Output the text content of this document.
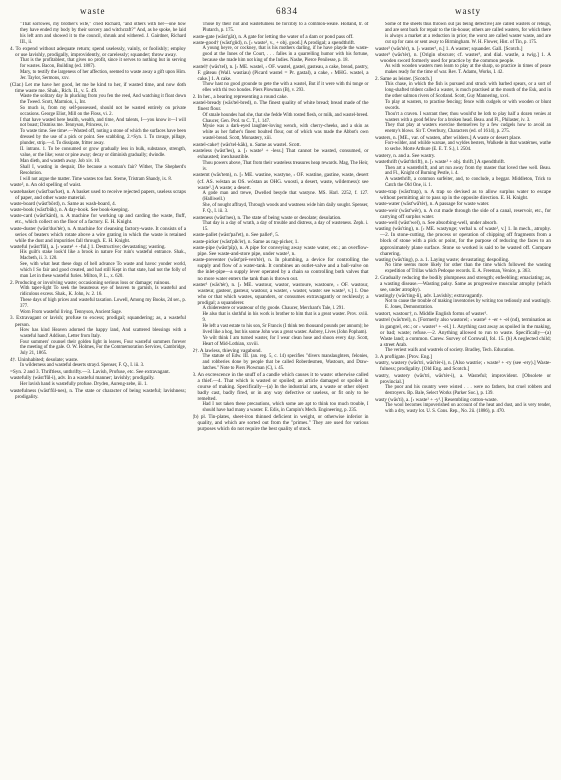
waste	6834	wasty

"That sorrowes, my brother's wife," cried Richard, "and others with her—one how they have ended my body by their sorcery and witchcraft?" And, as he spoke, he laid his left arm and showed it to the council, shrunk and withered. J. Gairdner, Richard III., ii.

4. To expend without adequate return; spend uselessly, vainly, or foolishly; employ or use lavishly, prodigally, improvidently, or carelessly; squander; throw away.

That is the profitablest, that gives no profit, since it serves to nothing but in serving for wastes. Bacon, Building (ed. 1887).

Mary, to testify the largeness of her affection, seemed to waste away a gift upon Him. Jer. Taylor, Sermons, xxv.

(Clar.) Let me have her good, let me be kind to her, if wasted time, and now doth time waste me. Shak., Rich. II., v. 5. 49.

Waste the solitary day In plucking from you fen the reed, And watching it float down the Tweed. Scott, Marmion, i., Int.

So much is, from my self-possessed, should not be wasted entirely on private occasions. George Eliot, Mill on the Floss, vi. 2.

I that have wasted here health, wealth, and time, And talents, I—you know it—I will not boast; Dismiss me. Tennyson, Princess, iv.

To waste time. See time¹.—Wasted off, noting a stone of which the surfaces have been dressed by the use of a pick or point. See scabbling, 2.=Syn. 1. To ravage, pillage, plunder, strip.—4. To dissipate, fritter away.

II. intrans. 1. To be consumed or grow gradually less in bulk, substance, strength, value, or the like; wear or pine away; decay or diminish gradually; dwindle.

Man dieth, and wasteth away. Job xiv. 10.

Shall I, wasting in despair, Die because a woman's fair? Wither, The Shepherd's Resolution.

I will not argue the matter. Time wastes too fast. Sterne, Tristram Shandy, ix. 8.

waste², n. An old spelling of waist.

wastebasket (wāst'bas'ket), n. A basket used to receive rejected papers, useless scraps of paper, and other waste material.

waste-board (wāst'bōrd), n. Same as wash-board, 4.

waste-book (wāst'bůk), n. A day-book. See book-keeping.

waste-card (wāst'kärd), n. A machine for working up and carding the waste, fluff, etc., which collect on the floor of a factory. E. H. Knight.

waste-duster (wāst'dus'tėr), n. A machine for cleansing factory-waste. It consists of a series of beaters which rotate above a wire grating in which the waste is retained while the dust and impurities fall through. E. H. Knight.

wasteful (wāst'fůl), a. [‹ waste¹ + -ful.] 1. Destructive; devastating; wasting.

His guilt's stake look'd like a brook in nature For ruin's wasteful entrance. Shak., Macbeth, ii. 3. 120.

See, with what heat these dogs of hell advance To waste and havoc yonder world, which I So fair and good created, and had still Kept in that state, had not the folly of man Let in these wasteful furies. Milton, P. L., x. 620.

2. Producing or involving waste; occasioning serious loss or damage; ruinous.

With taper-light To seek the beauteous eye of heaven to garnish, Is wasteful and ridiculous excess. Shak., K. John, iv. 2. 16.

These days of high prices and wasteful taxation. Lowell, Among my Books, 2d ser., p. 377.

Worn From wasteful living. Tennyson, Ancient Sage.

3. Extravagant or lavish; profuse to excess; prodigal; squandering; as, a wasteful person.

How has kind Heaven adorned the happy land, And scattered blessings with a wasteful hand! Addison, Letter from Italy.

Four summers' counsel their golden light in leaves, Four wasteful summers forever the meeting of the gale. O. W. Holmes, For the Commemoration Services, Cambridge, July 21, 1865.

4†. Uninhabited; desolate; waste.

In wilderness and wasteful deserts strayd. Spenser, F. Q., I. iii. 3.

=Syn. 2 and 3. Thriftless, unthrifty.—3. Lavish, Profuse, etc. See extravagant.

wastefully (wāst'fůl-i), adv. In a wasteful manner; lavishly; prodigally.

Her lavish hand is wastefully profuse. Dryden, Aureng-zebe, iii. 1.

wastefulness (wāst'fůl-nes), n. The state or character of being wasteful; lavishness; prodigality.

Those by their riot and wastefulness be forcibly to a common-weale. Holland, tr. of Plutarch, p. 175.

waste-gate (wāst'gāt), n. A gate for letting the water of a dam or pond pass off.

waste-good† (wāst'gůd), n. [‹ waste¹, v., + obj. good.] A prodigal; a spendthrift.

A young heyre, or cockney, that is his mothers darling, if he have playde the waste-good at the Innes of the Court, . . . falles in a quarrelling humor with his fortune, because she made him not king of the Indies. Nashe, Pierce Penilesse, p. 18.

wastel† (wās'tel), n. [‹ ME. wastel, ‹ OF. wastel, gastel, gasteau, a cake, bread, pastry, F. gâteau (Wall. wastiau) (Picard wastel = Pr. gastal), a cake, ‹ MHG. wastel, a cake.] 1. A cake.

Thow hast no good grounde to gete the with a wastel, But if it were with thi tonge or elles with thi two hondes. Piers Plowman (B), v. 293.

2. In her., a bearing representing a round cake.

wastel-bready (wās'tel-bred), n. The finest quality of white bread; bread made of the finest flour.

Of smale houndes had she, that she fedde With rosted flesh, or milk, and wastel-breed. Chaucer, Gen. Prol. to C. T., l. 147.

Mysie was a dark-eyed laughter-loving wench, with cherry-cheeks, and a skin as white as her father's finest boulted flour, out of which was made the Abbot's own wastel-bread. Scott, Monastery, xiii.

wastel-cake† (wās'tel-kāk), n. Same as wastel. Scott.

wasteless (wāst'les), a. [‹ waste¹ + -less.] That cannot be wasted, consumed, or exhausted; inexhaustible.

Thou powers above, That from their wasteless treasures heap rewards. Mag, The Heir, iv.

wastemt (wās'tem), n. [‹ ME. wastine, wastyne, ‹ OF. wastine, gastine, waste, desert (cf. AS. wéstan as OS. wóstan as OHG. wuosti, a desert, waste, wilderness): see waste¹.] A waste; a desert.

A gode man and trewe, Dwelled besyde that wastyne. MS. Harl. 2252, f. 127. (Halliwell.)

She, of nought affrayd, Through woods and wastness wide him daily sought. Spenser, F. Q., I. iii. 3.

wasteness (wāst'nes), n. The state of being waste or desolate; desolation.

That day is a day of wrath, a day of trouble and distress, a day of wasteness. Zeph. i. 15.

waste-pallet (wāst'pal'et), n. See pallet¹, 5.

waste-picker (wāst'pik'ėr), n. Same as rag-picker, 1.

waste-pipe (wāst'pīp), n. A pipe for conveying away waste water, etc.; an overflow-pipe. See waste-and-store pipe, under waste¹, n.

waste-preventer (wāst'prē-ven'tėr), n. In plumbing, a device for controlling the supply and flow of a water-tank. It combines an outlet-valve and a ball-valve on the inlet-pipe—a supply lever operated by a chain so controlling both valves that no more water enters the tank than is thrown out.

waster¹ (wās'tėr), n. [‹ ME. wastour, wastor, wastoure, wastoure, ‹ OF. wastour, wasteur, gasteor, gasteur, wastour, a waster, ‹ waster, waste: see waste¹, v.] 1. One who or that which wastes, squanders, or consumes extravagantly or recklessly; a prodigal; a squanderer.

A chiderestere or wasteour of thy goode. Chaucer, Merchant's Tale, l. 291.

He also that is slothful in his work is brother to him that is a great waster. Prov. xviii. 9.

He left a vast estate to his son, Sr Francis (I think ten thousand pounds per annum); he lived like a hog, but his sonne John was a great waster. Aubrey, Lives (John Popham).

Ye wilt think I am turned waster, for I wear clean hose and shoon every day. Scott, Heart of Mid-Lothian, xxviii.

2†. A lawless, thieving vagabond.

The statute of Edw. III. (an. reg. 5, c. 14) specifies "divers manslaughters, felonies, and robberies done by people that be called Roberdesmen, Wastours, and Draw-latches." Note to Piers Plowman (C), i. 45.

3. An excrescence in the snuff of a candle which causes it to waste: otherwise called a thief.—4. That which is wasted or spoiled; an article damaged or spoiled in course of making. Specifically—(a) In the industrial arts, a waste or other object badly cast, badly fired, or in any way defective or useless, or fit only to be remelted.

Had I not taken these precautions, which some are apt to think too much trouble, I should have had many a waster. E. Edis, in Campin's Mech. Engineering, p. 235.

(b) pl. Tin-plates, sheet-iron thinned deficient in weight, or otherwise inferior in quality, and which are sorted out from the "primes." They are used for various purposes which do not require the best quality of stock.

Some of the sheets thus thrown out [as being defective] are called wasters or rehugs, and are sent back for repair to the tin-house; others are called wasters, for which there is always a market at a reduction in price; the worst are called waster waste, and are cut up for cans or sent away to Birmingham. W. H. Flower, Hist. of Tin, p. 175.

waster² (wās'tėr), n. [‹ waster¹, n.] 1. A waster; squander. Gall. [Scotch.]

waster³ (wās'tėr), n. [Origin obscure; cf. waster³, and dial. wastle, a twig.] 1. A wooden sword formerly used for practice by the common people.

As with wooden wasters men learn to play at the sharp, so practice in times of peace makes ready for the time of war. Rev. T. Adams, Works, I. 42.

2. Same as leister. [Scotch.]

This chase, in which the fish is pursued and struck with barbed spears, or a sort of long-shafted trident called a waster, is much practised at the mouth of the Esk, and in the other salmon rivers of Scotland. Scott, Guy Mannering, xxvi.

To play at wasters, to practise fencing; fence with cudgels or with wooden or blunt swords.

Thou'rt a craven. I warrant thee; thou would'st be loth to play half a dozen venies at wasters with a good fellow for a broken head. Beau. and Fl., Philaster, iv. 3.

They that play at wasters exercise themselves by a few cudgels how to avoid an enemy's blows. Sir T. Overbury, Characters (ed. of 1614), p. 275.

wasters, n. [ME., var. of wasten, after wilders.] A waste or desert place.

Forr-wilder, and whilde warsae, and wyldes besters, Walkede in that wastérnes, wathe to seche. Morte Arthure (E. E. T. S.), l. 2504.

wastery, n. and a. See wastry.

wastethrift (wāst'thrift), n. [‹ waste¹ + obj. thrift.] A spendthrift.

Then art a wastethrift, and art run away from thy master that loved thee well. Beau. and Fl., Knight of Burning Pestle, i. 4.

A wastethrift, a common surfeiter, and, to conclude, a beggar. Middleton, Trick to Catch the Old One, ii. 1.

waste-trap (wāst'trap), n. A trap so devised as to allow surplus water to escape without permitting air to pass up in the opposite direction. E. H. Knight.

waste-water (wāst'wâ'tėr), n. A passage for waste water.

waste-weir (wāst'wēr), n. A cut made through the side of a canal, reservoir, etc., for carrying off surplus water.

waste-well (wāst'wel), n. See absorbing-well, under absorb.

wasting (wās'ting), n. [‹ ME. wastynge; verbal n. of waste¹, v.] 1. In mech., atrophy.—2. In stone-cutting, the process or operation of chipping off fragments from a block of stone with a pick or point, for the purpose of reducing the faces to an approximately plane surface. Stone so worked is said to be wasted off. Compare charering.

wasting (wās'ting), p. a. 1. Laying waste; devastating; despoiling.

No time seems more likely for other than the time which followed the wasting expedition of Trillas which Pedoque records. E. A. Freeman, Venice, p. 363.

2. Gradually reducing the bodily plumpness and strength; enfeebling; emaciating; as, a wasting disease.—Wasting palsy. Same as progressive muscular atrophy (which see, under atrophy).

wastingly (wās'ting-li), adv. Lavishly; extravagantly.

Not to cause the trouble of making inventories by writing too tediously and wastingly. E. Jones, Demonstration.

wastort, wastour†, n. Middle English forms of waster¹.

wastrel (wās'trel), n. [Formerly also wastorel; ‹ waste¹ + -er + -el (nd), termination as in gangrel, etc.; or ‹ waster¹ + -el.] 1. Anything cast away as spoiled in the making, or bad; waste; refuse.—2. Anything allowed to run to waste. Specifically—(a) Waste land; a common. Carew. Survey of Cornwall, fol. 15. (b) A neglected child; a street Arab.

The veriest waifs and wastrels of society. Bradley, Tech. Education.

3. A profligate. [Prov. Eng.]

wastry, wastery (wās'tri, wās'tėr-i), n. [Also wastrie; ‹ waste¹ + -ry (see -ery).] Waste-fulness; prodigality. [Old Eng. and Scotch.]

wastry, wastery (wās'tri, wās'tėr-i), a. Wasteful; improvident. [Obsolete or provincial.]

The poor and his country were wisted . . . were no fathers, but cruel robbers and destroyers. Bp. Bale, Select Works (Parker Soc.), p. 139.

wasty (wās'ti), a. [‹ waste¹ + -y¹.] Resembling cotton-waste.

The wool becomes impoverished on account of the heat and dust, and is very tender, with a dry, wasty lot. U. S. Cons. Rep., No. 2ii. (1886), p. 470.
